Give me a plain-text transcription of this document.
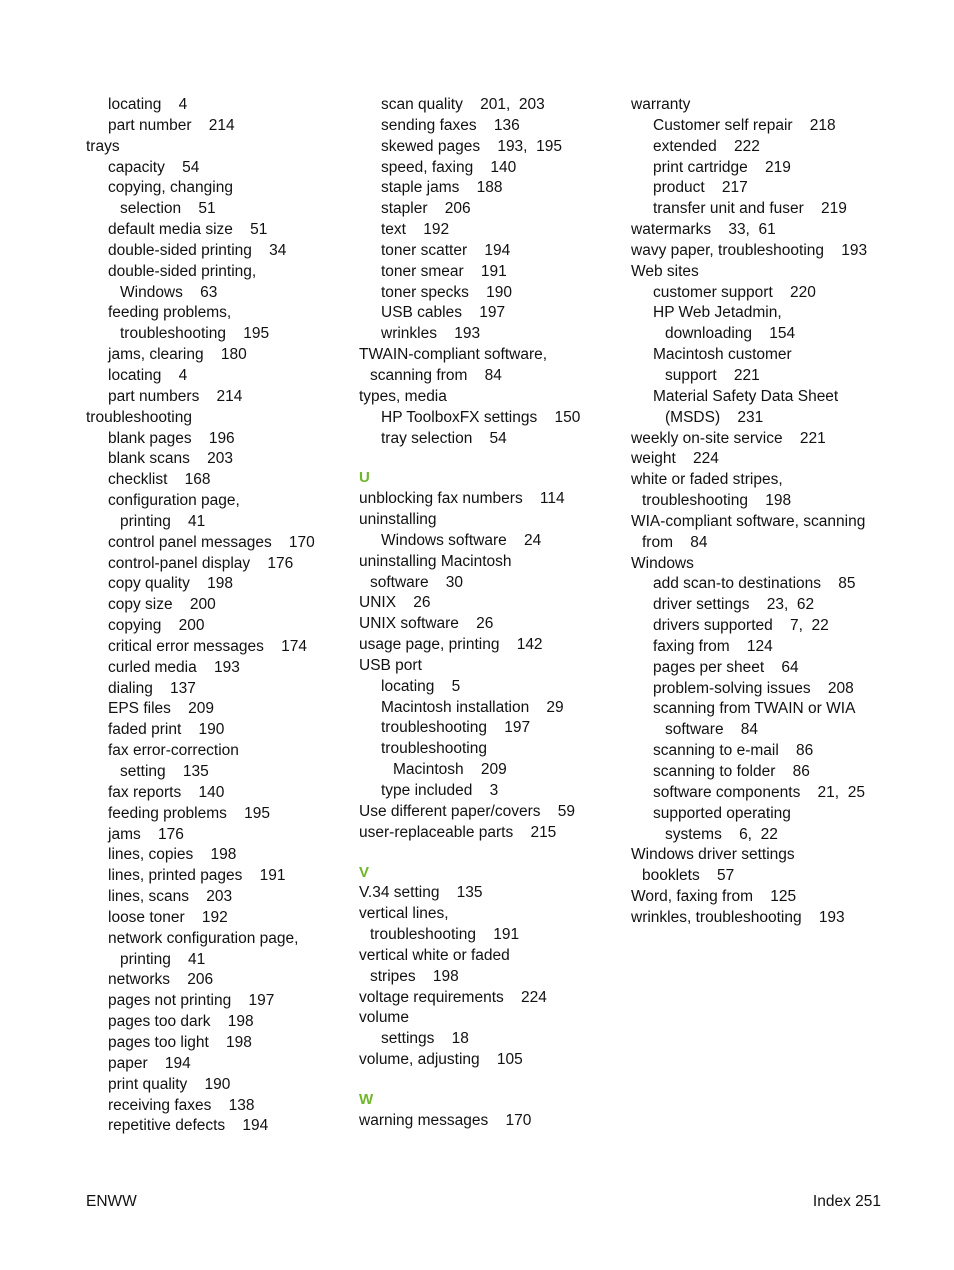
locating    4
part number    214
trays
capacity    54
copying, changing
selection    51
default media size    51
double-sided printing    34
double-sided printing,
Windows    63
feeding problems,
troubleshooting    195
jams, clearing    180
locating    4
part numbers    214
troubleshooting
blank pages    196
blank scans    203
checklist    168
configuration page,
printing    41
control panel messages    170
control-panel display    176
copy quality    198
copy size    200
copying    200
critical error messages    174
curled media    193
dialing    137
EPS files    209
faded print    190
fax error-correction
setting    135
fax reports    140
feeding problems    195
jams    176
lines, copies    198
lines, printed pages    191
lines, scans    203
loose toner    192
network configuration page,
printing    41
networks    206
pages not printing    197
pages too dark    198
pages too light    198
paper    194
print quality    190
receiving faxes    138
repetitive defects    194
scan quality    201,  203
sending faxes    136
skewed pages    193,  195
speed, faxing    140
staple jams    188
stapler    206
text    192
toner scatter    194
toner smear    191
toner specks    190
USB cables    197
wrinkles    193
TWAIN-compliant software,
scanning from    84
types, media
HP ToolboxFX settings    150
tray selection    54
U
unblocking fax numbers    114
uninstalling
Windows software    24
uninstalling Macintosh
software    30
UNIX    26
UNIX software    26
usage page, printing    142
USB port
locating    5
Macintosh installation    29
troubleshooting    197
troubleshooting
Macintosh    209
type included    3
Use different paper/covers    59
user-replaceable parts    215
V
V.34 setting    135
vertical lines,
troubleshooting    191
vertical white or faded
stripes    198
voltage requirements    224
volume
settings    18
volume, adjusting    105
W
warning messages    170
warranty
Customer self repair    218
extended    222
print cartridge    219
product    217
transfer unit and fuser    219
watermarks    33,  61
wavy paper, troubleshooting    193
Web sites
customer support    220
HP Web Jetadmin,
downloading    154
Macintosh customer
support    221
Material Safety Data Sheet
(MSDS)    231
weekly on-site service    221
weight    224
white or faded stripes,
troubleshooting    198
WIA-compliant software, scanning
from    84
Windows
add scan-to destinations    85
driver settings    23,  62
drivers supported    7,  22
faxing from    124
pages per sheet    64
problem-solving issues    208
scanning from TWAIN or WIA
software    84
scanning to e-mail    86
scanning to folder    86
software components    21,  25
supported operating
systems    6,  22
Windows driver settings
booklets    57
Word, faxing from    125
wrinkles, troubleshooting    193
ENWW	Index 251
